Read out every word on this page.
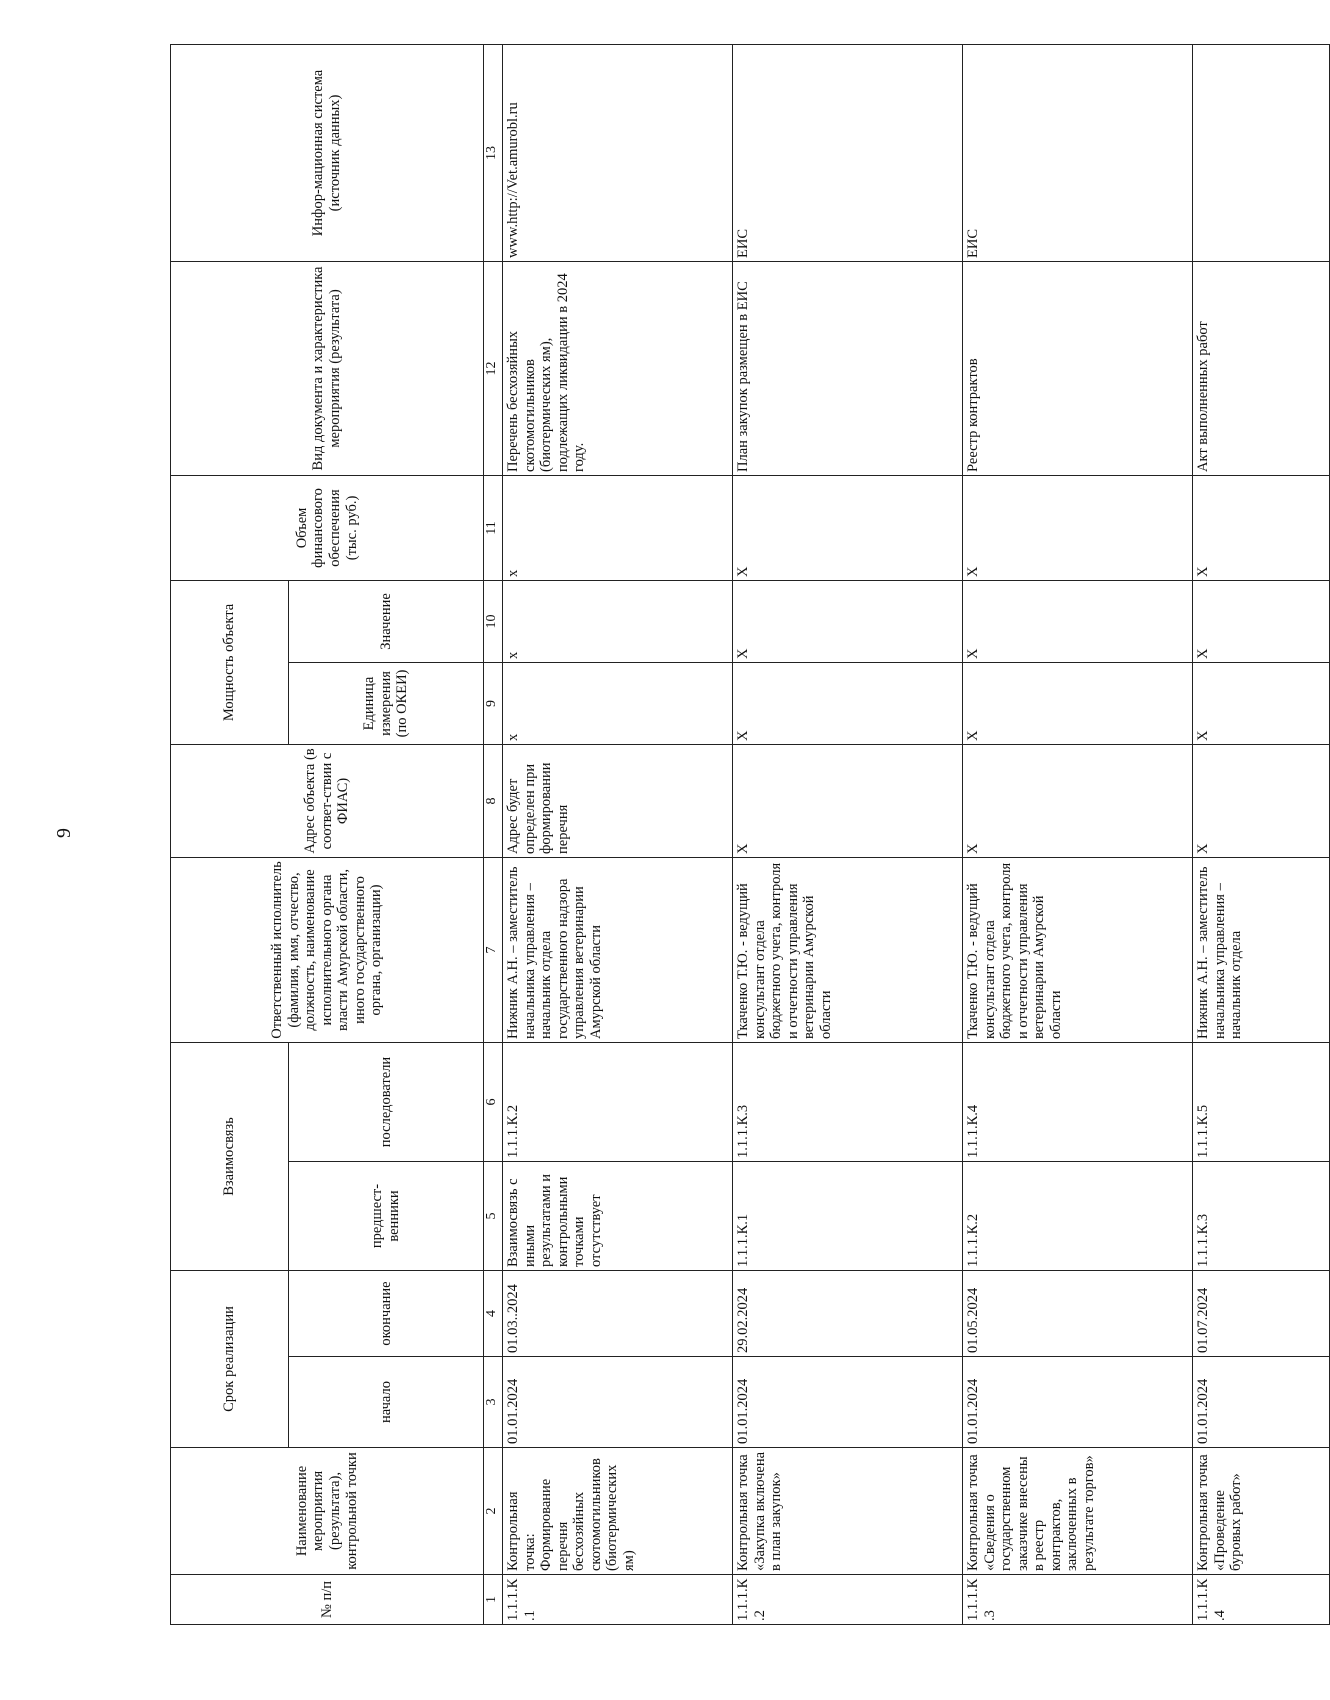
9
№ п/п	Наименование мероприятия (результата), контрольной точки	Срок реализации		Взаимосвязь		Ответственный исполнитель (фамилия, имя, отчество, должность, наименование исполнительного органа власти Амурской области, иного государственного органа, организации)	Адрес объекта (в соответ-ствии с ФИАС)	Мощность объекта		Объем финансового обеспечения (тыс. руб.)	Вид документа и характеристика мероприятия (результата)	Инфор-мационная система (источник данных)
		начало	окончание	предшест-венники	последователи			Единица измерения (по ОКЕИ)	Значение			
1	2	3	4	5	6	7	8	9	10	11	12	13
1.1.1.К.1	Контрольная точка: Формирование перечня бесхозяйных скотомогильников (биотермических ям)	01.01.2024	01.03..2024	Взаимосвязь с иными результатами и контрольными точками отсутствует	1.1.1.К.2	Нижник А.Н. – заместитель начальника управления – начальник отдела государственного надзора управления ветеринарии Амурской области	Адрес будет определен при формировании перечня	x	x	x	Перечень бесхозяйных скотомогильников (биотермических ям), подлежащих ликвидации в 2024 году.	www.http://Vet.amurobl.ru
1.1.1.К.2	Контрольная точка «Закупка включена в план закупок»	01.01.2024	29.02.2024	1.1.1.К.1	1.1.1.К.3	Ткаченко Т.Ю. - ведущий консультант отдела бюджетного учета, контроля и отчетности управления ветеринарии Амурской области	X	X	X	X	План закупок размещен в ЕИС	ЕИС
1.1.1.К.3	Контрольная точка «Сведения о государственном заказчике внесены в реестр контрактов, заключенных в результате торгов»	01.01.2024	01.05.2024	1.1.1.К.2	1.1.1.К.4	Ткаченко Т.Ю. - ведущий консультант отдела бюджетного учета, контроля и отчетности управления ветеринарии Амурской области	X	X	X	X	Реестр контрактов	ЕИС
1.1.1.К.4	Контрольная точка «Проведение буровых работ»	01.01.2024	01.07.2024	1.1.1.К.3	1.1.1.К.5	Нижник А.Н. – заместитель начальника управления – начальник отдела	X	X	X	X	Акт выполненных работ	
